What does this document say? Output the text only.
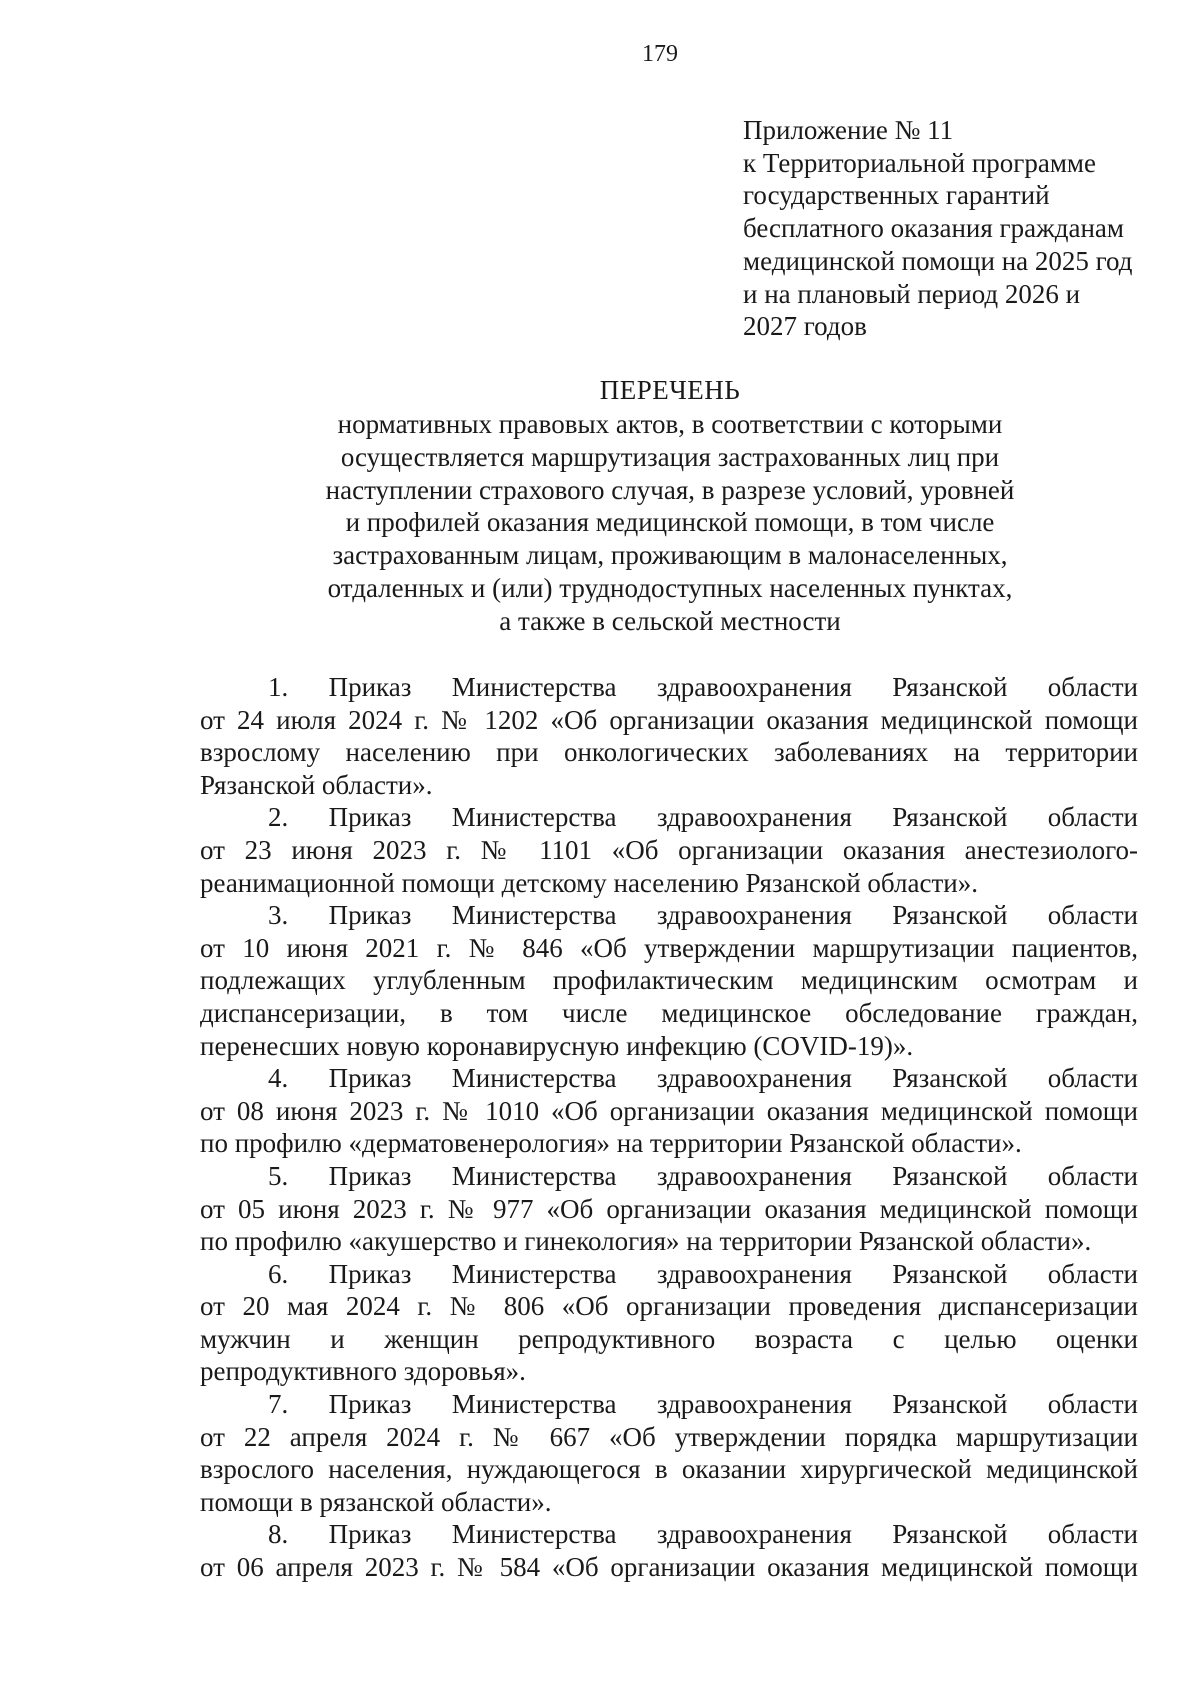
179
Приложение № 11
к Территориальной программе
государственных гарантий
бесплатного оказания гражданам
медицинской помощи на 2025 год
и на плановый период 2026 и
2027 годов
ПЕРЕЧЕНЬ
нормативных правовых актов, в соответствии с которыми
осуществляется маршрутизация застрахованных лиц при
наступлении страхового случая, в разрезе условий, уровней
и профилей оказания медицинской помощи, в том числе
застрахованным лицам, проживающим в малонаселенных,
отдаленных и (или) труднодоступных населенных пунктах,
а также в сельской местности
1. Приказ Министерства здравоохранения Рязанской области
от 24 июля 2024 г. № 1202 «Об организации оказания медицинской помощи
взрослому населению при онкологических заболеваниях на территории
Рязанской области».
2. Приказ Министерства здравоохранения Рязанской области
от 23 июня 2023 г. № 1101 «Об организации оказания анестезиолого-
реанимационной помощи детскому населению Рязанской области».
3. Приказ Министерства здравоохранения Рязанской области
от 10 июня 2021 г. № 846 «Об утверждении маршрутизации пациентов,
подлежащих углубленным профилактическим медицинским осмотрам и
диспансеризации, в том числе медицинское обследование граждан,
перенесших новую коронавирусную инфекцию (COVID-19)».
4. Приказ Министерства здравоохранения Рязанской области
от 08 июня 2023 г. № 1010 «Об организации оказания медицинской помощи
по профилю «дерматовенерология» на территории Рязанской области».
5. Приказ Министерства здравоохранения Рязанской области
от 05 июня 2023 г. № 977 «Об организации оказания медицинской помощи
по профилю «акушерство и гинекология» на территории Рязанской области».
6. Приказ Министерства здравоохранения Рязанской области
от 20 мая 2024 г. № 806 «Об организации проведения диспансеризации
мужчин и женщин репродуктивного возраста с целью оценки
репродуктивного здоровья».
7. Приказ Министерства здравоохранения Рязанской области
от 22 апреля 2024 г. № 667 «Об утверждении порядка маршрутизации
взрослого населения, нуждающегося в оказании хирургической медицинской
помощи в рязанской области».
8. Приказ Министерства здравоохранения Рязанской области
от 06 апреля 2023 г. № 584 «Об организации оказания медицинской помощи
